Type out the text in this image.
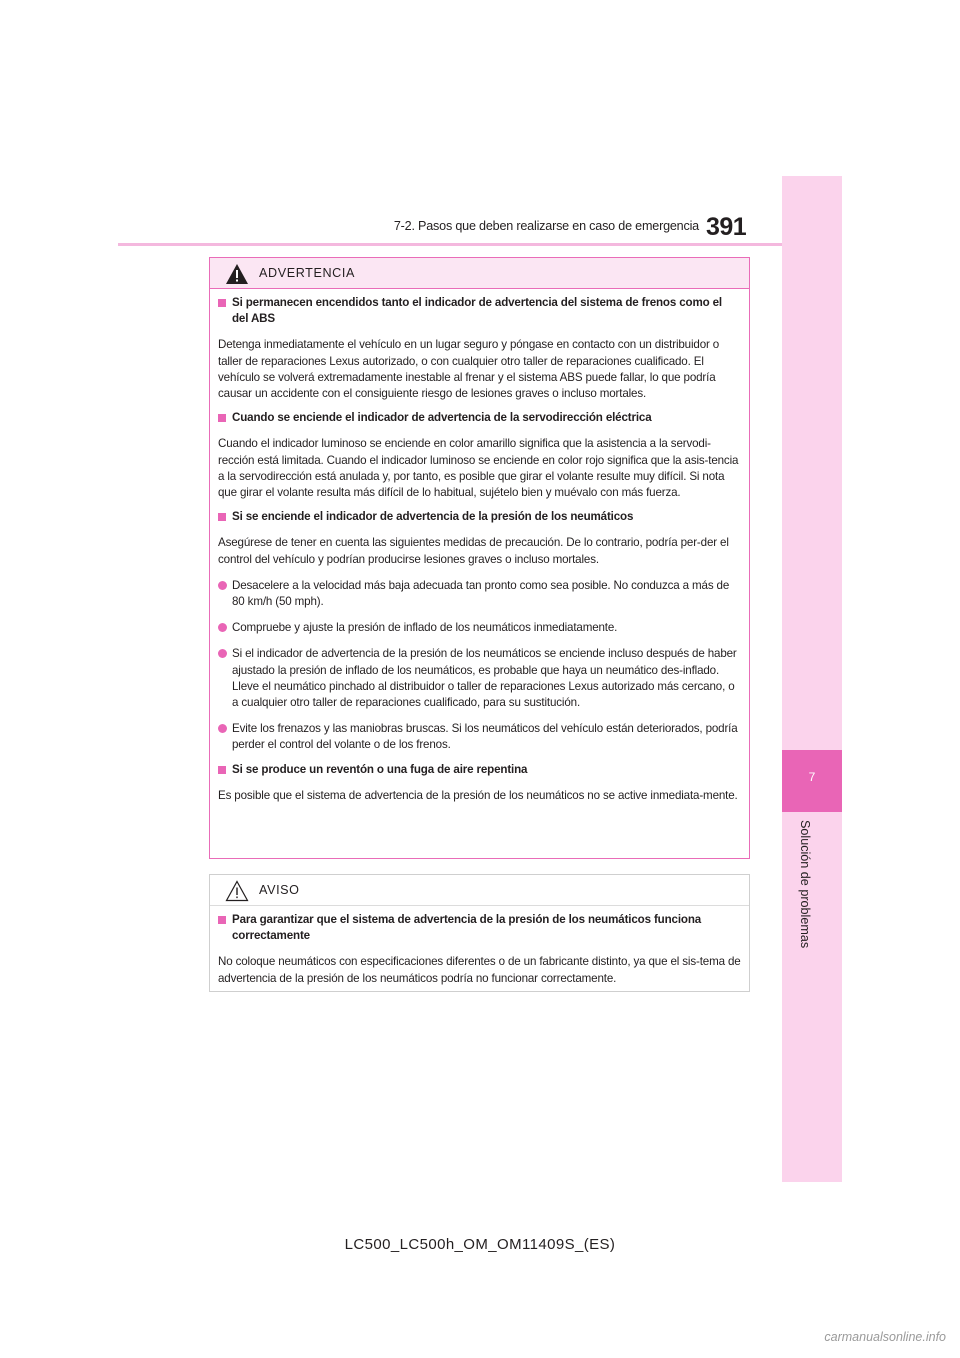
391
7-2. Pasos que deben realizarse en caso de emergencia
7
Solución de problemas
ADVERTENCIA
Si permanecen encendidos tanto el indicador de advertencia del sistema de frenos como el del ABS
Detenga inmediatamente el vehículo en un lugar seguro y póngase en contacto con un distribuidor o taller de reparaciones Lexus autorizado, o con cualquier otro taller de reparaciones cualificado. El vehículo se volverá extremadamente inestable al frenar y el sistema ABS puede fallar, lo que podría causar un accidente con el consiguiente riesgo de lesiones graves o incluso mortales.
Cuando se enciende el indicador de advertencia de la servodirección eléctrica
Cuando el indicador luminoso se enciende en color amarillo significa que la asistencia a la servodi-rección está limitada. Cuando el indicador luminoso se enciende en color rojo significa que la asis-tencia a la servodirección está anulada y, por tanto, es posible que girar el volante resulte muy difícil. Si nota que girar el volante resulta más difícil de lo habitual, sujételo bien y muévalo con más fuerza.
Si se enciende el indicador de advertencia de la presión de los neumáticos
Asegúrese de tener en cuenta las siguientes medidas de precaución. De lo contrario, podría per-der el control del vehículo y podrían producirse lesiones graves o incluso mortales.
Desacelere a la velocidad más baja adecuada tan pronto como sea posible. No conduzca a más de 80 km/h (50 mph).
Compruebe y ajuste la presión de inflado de los neumáticos inmediatamente.
Si el indicador de advertencia de la presión de los neumáticos se enciende incluso después de haber ajustado la presión de inflado de los neumáticos, es probable que haya un neumático des-inflado. Lleve el neumático pinchado al distribuidor o taller de reparaciones Lexus autorizado más cercano, o a cualquier otro taller de reparaciones cualificado, para su sustitución.
Evite los frenazos y las maniobras bruscas. Si los neumáticos del vehículo están deteriorados, podría perder el control del volante o de los frenos.
Si se produce un reventón o una fuga de aire repentina
Es posible que el sistema de advertencia de la presión de los neumáticos no se active inmediata-mente.
AVISO
Para garantizar que el sistema de advertencia de la presión de los neumáticos funciona correctamente
No coloque neumáticos con especificaciones diferentes o de un fabricante distinto, ya que el sis-tema de advertencia de la presión de los neumáticos podría no funcionar correctamente.
LC500_LC500h_OM_OM11409S_(ES)
carmanualsonline.info
